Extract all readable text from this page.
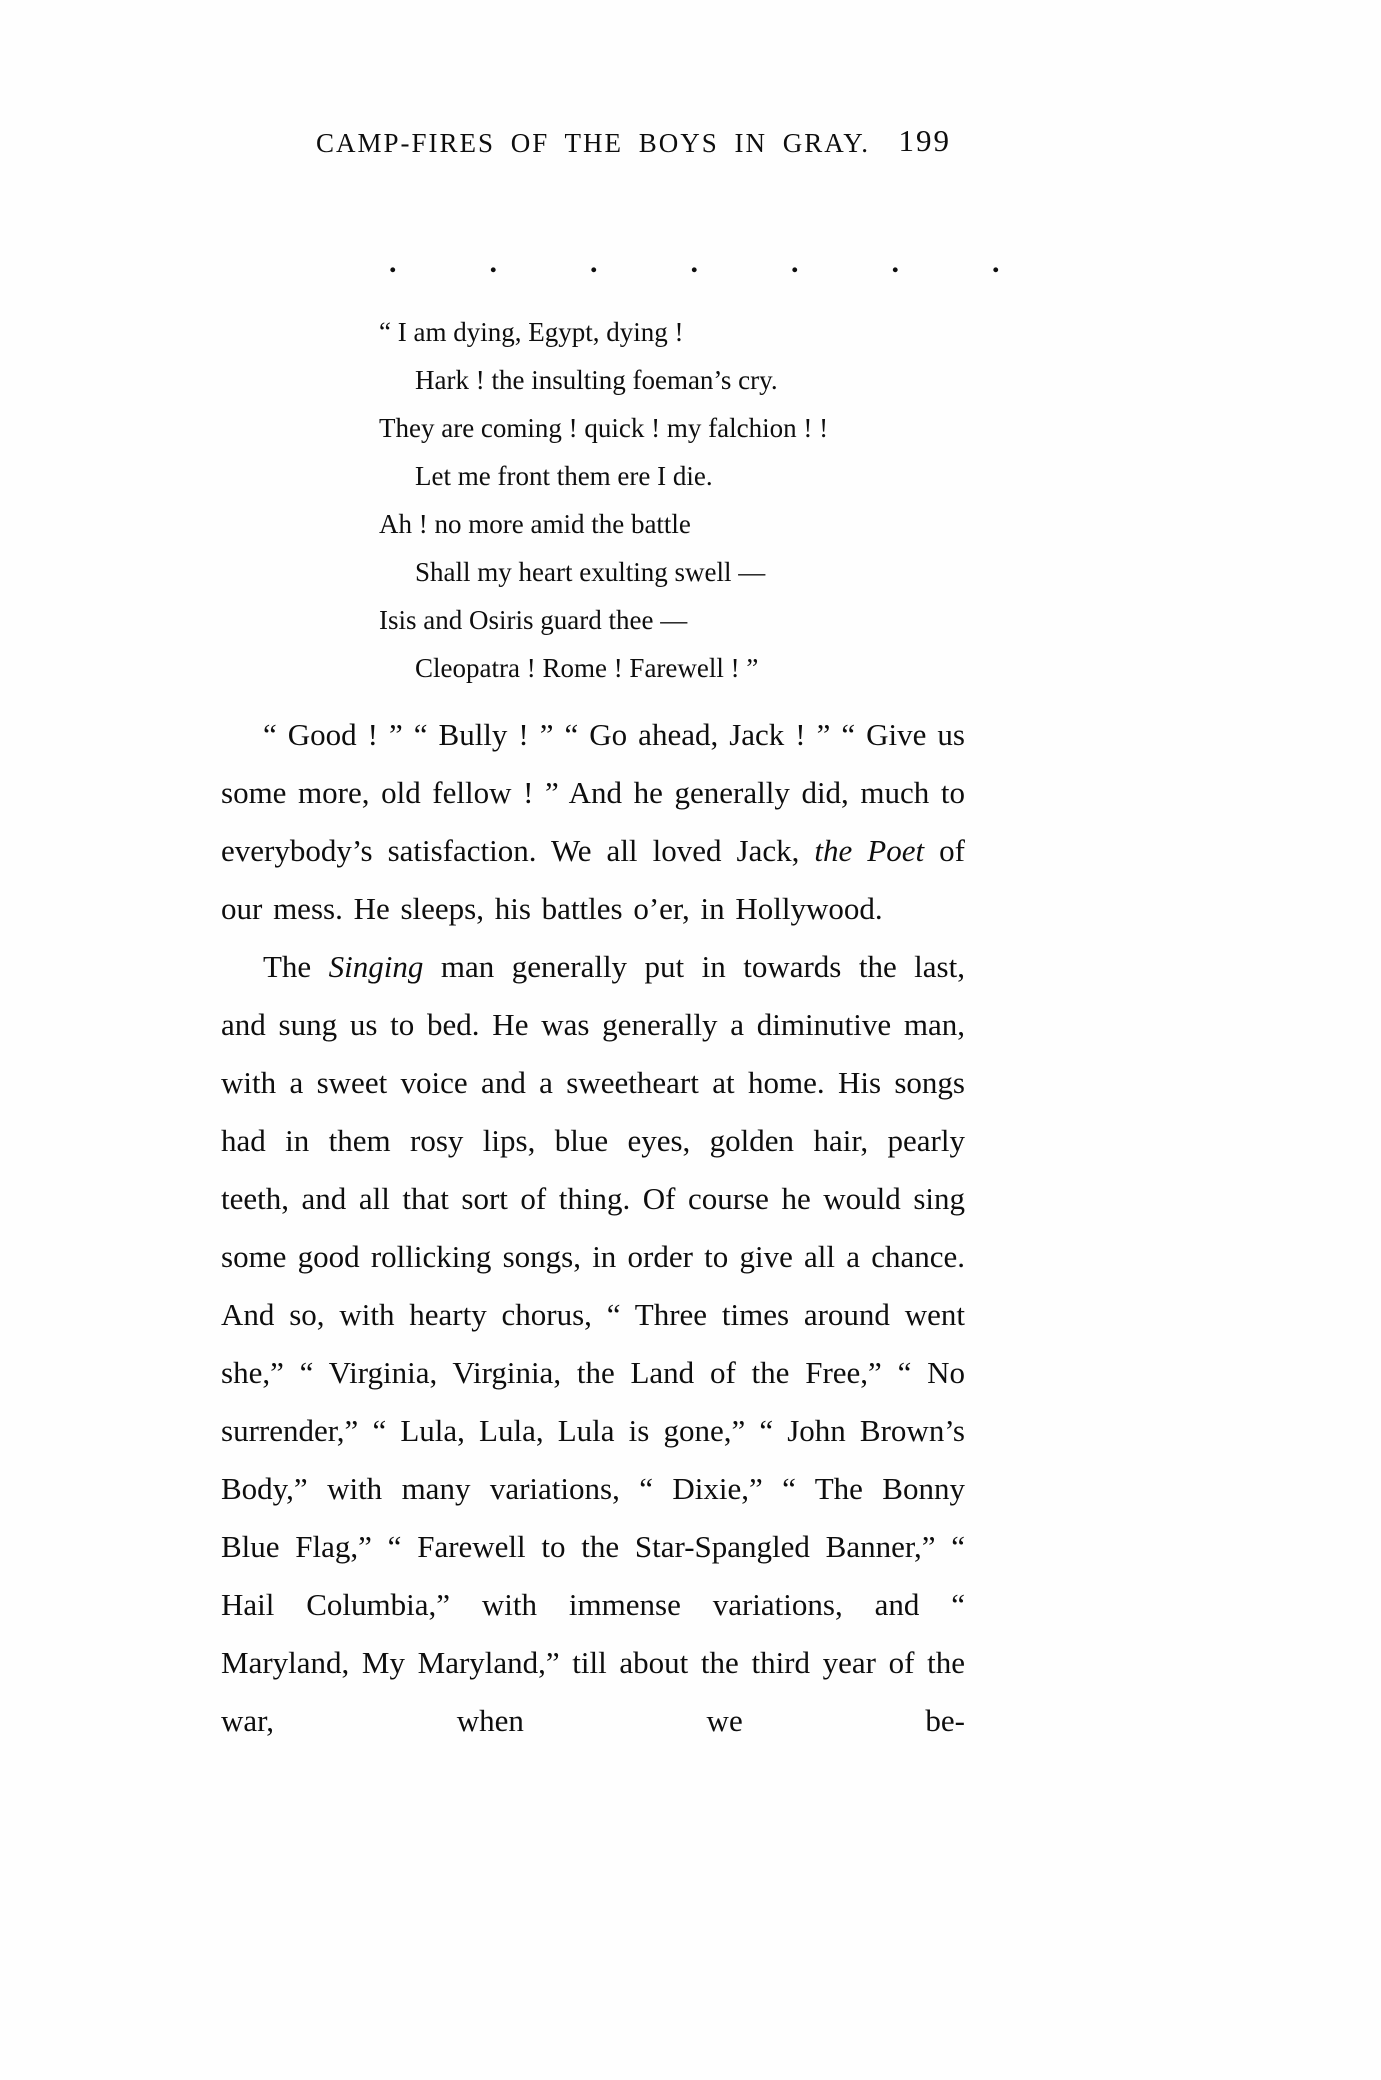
CAMP-FIRES OF THE BOYS IN GRAY. 199
.......
“ I am dying, Egypt, dying !
Hark ! the insulting foeman’s cry.
They are coming ! quick ! my falchion ! !
Let me front them ere I die.
Ah ! no more amid the battle
Shall my heart exulting swell —
Isis and Osiris guard thee —
Cleopatra ! Rome ! Farewell ! ”

“ Good ! ” “ Bully ! ” “ Go ahead, Jack ! ” “ Give us some more, old fellow ! ” And he generally did, much to everybody’s satisfaction. We all loved Jack, the Poet of our mess. He sleeps, his battles o’er, in Hollywood.

The Singing man generally put in towards the last, and sung us to bed. He was generally a diminutive man, with a sweet voice and a sweetheart at home. His songs had in them rosy lips, blue eyes, golden hair, pearly teeth, and all that sort of thing. Of course he would sing some good rollicking songs, in order to give all a chance. And so, with hearty chorus, “ Three times around went she,” “ Virginia, Virginia, the Land of the Free,” “ No surrender,” “ Lula, Lula, Lula is gone,” “ John Brown’s Body,” with many variations, “ Dixie,” “ The Bonny Blue Flag,” “ Farewell to the Star-Spangled Banner,” “ Hail Columbia,” with immense variations, and “ Maryland, My Maryland,” till about the third year of the war, when we be-
